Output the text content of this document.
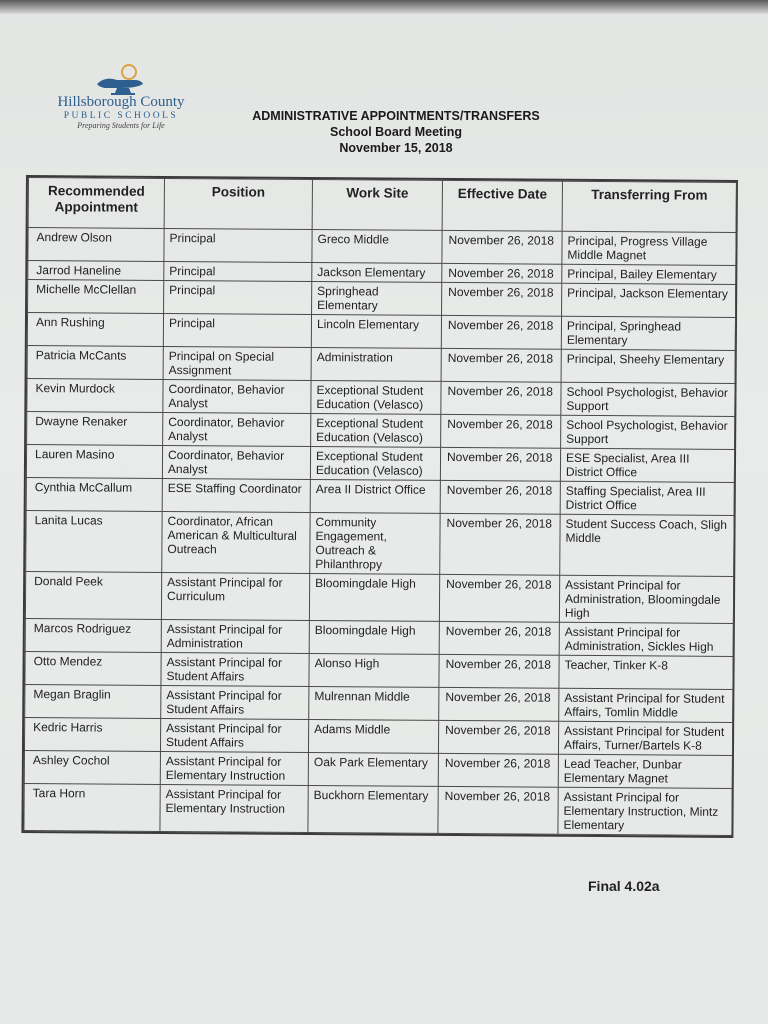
Hillsborough County
PUBLIC SCHOOLS
Preparing Students for Life
ADMINISTRATIVE APPOINTMENTS/TRANSFERS
School Board Meeting
November 15, 2018
Recommended Appointment	Position	Work Site	Effective Date	Transferring From
Andrew Olson	Principal	Greco Middle	November 26, 2018	Principal, Progress Village Middle Magnet
Jarrod Haneline	Principal	Jackson Elementary	November 26, 2018	Principal, Bailey Elementary
Michelle McClellan	Principal	Springhead Elementary	November 26, 2018	Principal, Jackson Elementary
Ann Rushing	Principal	Lincoln Elementary	November 26, 2018	Principal, Springhead Elementary
Patricia McCants	Principal on Special Assignment	Administration	November 26, 2018	Principal, Sheehy Elementary
Kevin Murdock	Coordinator, Behavior Analyst	Exceptional Student Education (Velasco)	November 26, 2018	School Psychologist, Behavior Support
Dwayne Renaker	Coordinator, Behavior Analyst	Exceptional Student Education (Velasco)	November 26, 2018	School Psychologist, Behavior Support
Lauren Masino	Coordinator, Behavior Analyst	Exceptional Student Education (Velasco)	November 26, 2018	ESE Specialist, Area III District Office
Cynthia McCallum	ESE Staffing Coordinator	Area II District Office	November 26, 2018	Staffing Specialist, Area III District Office
Lanita Lucas	Coordinator, African American & Multicultural Outreach	Community Engagement, Outreach & Philanthropy	November 26, 2018	Student Success Coach, Sligh Middle
Donald Peek	Assistant Principal for Curriculum	Bloomingdale High	November 26, 2018	Assistant Principal for Administration, Bloomingdale High
Marcos Rodriguez	Assistant Principal for Administration	Bloomingdale High	November 26, 2018	Assistant Principal for Administration, Sickles High
Otto Mendez	Assistant Principal for Student Affairs	Alonso High	November 26, 2018	Teacher, Tinker K-8
Megan Braglin	Assistant Principal for Student Affairs	Mulrennan Middle	November 26, 2018	Assistant Principal for Student Affairs, Tomlin Middle
Kedric Harris	Assistant Principal for Student Affairs	Adams Middle	November 26, 2018	Assistant Principal for Student Affairs, Turner/Bartels K-8
Ashley Cochol	Assistant Principal for Elementary Instruction	Oak Park Elementary	November 26, 2018	Lead Teacher, Dunbar Elementary Magnet
Tara Horn	Assistant Principal for Elementary Instruction	Buckhorn Elementary	November 26, 2018	Assistant Principal for Elementary Instruction, Mintz Elementary
Final 4.02a
